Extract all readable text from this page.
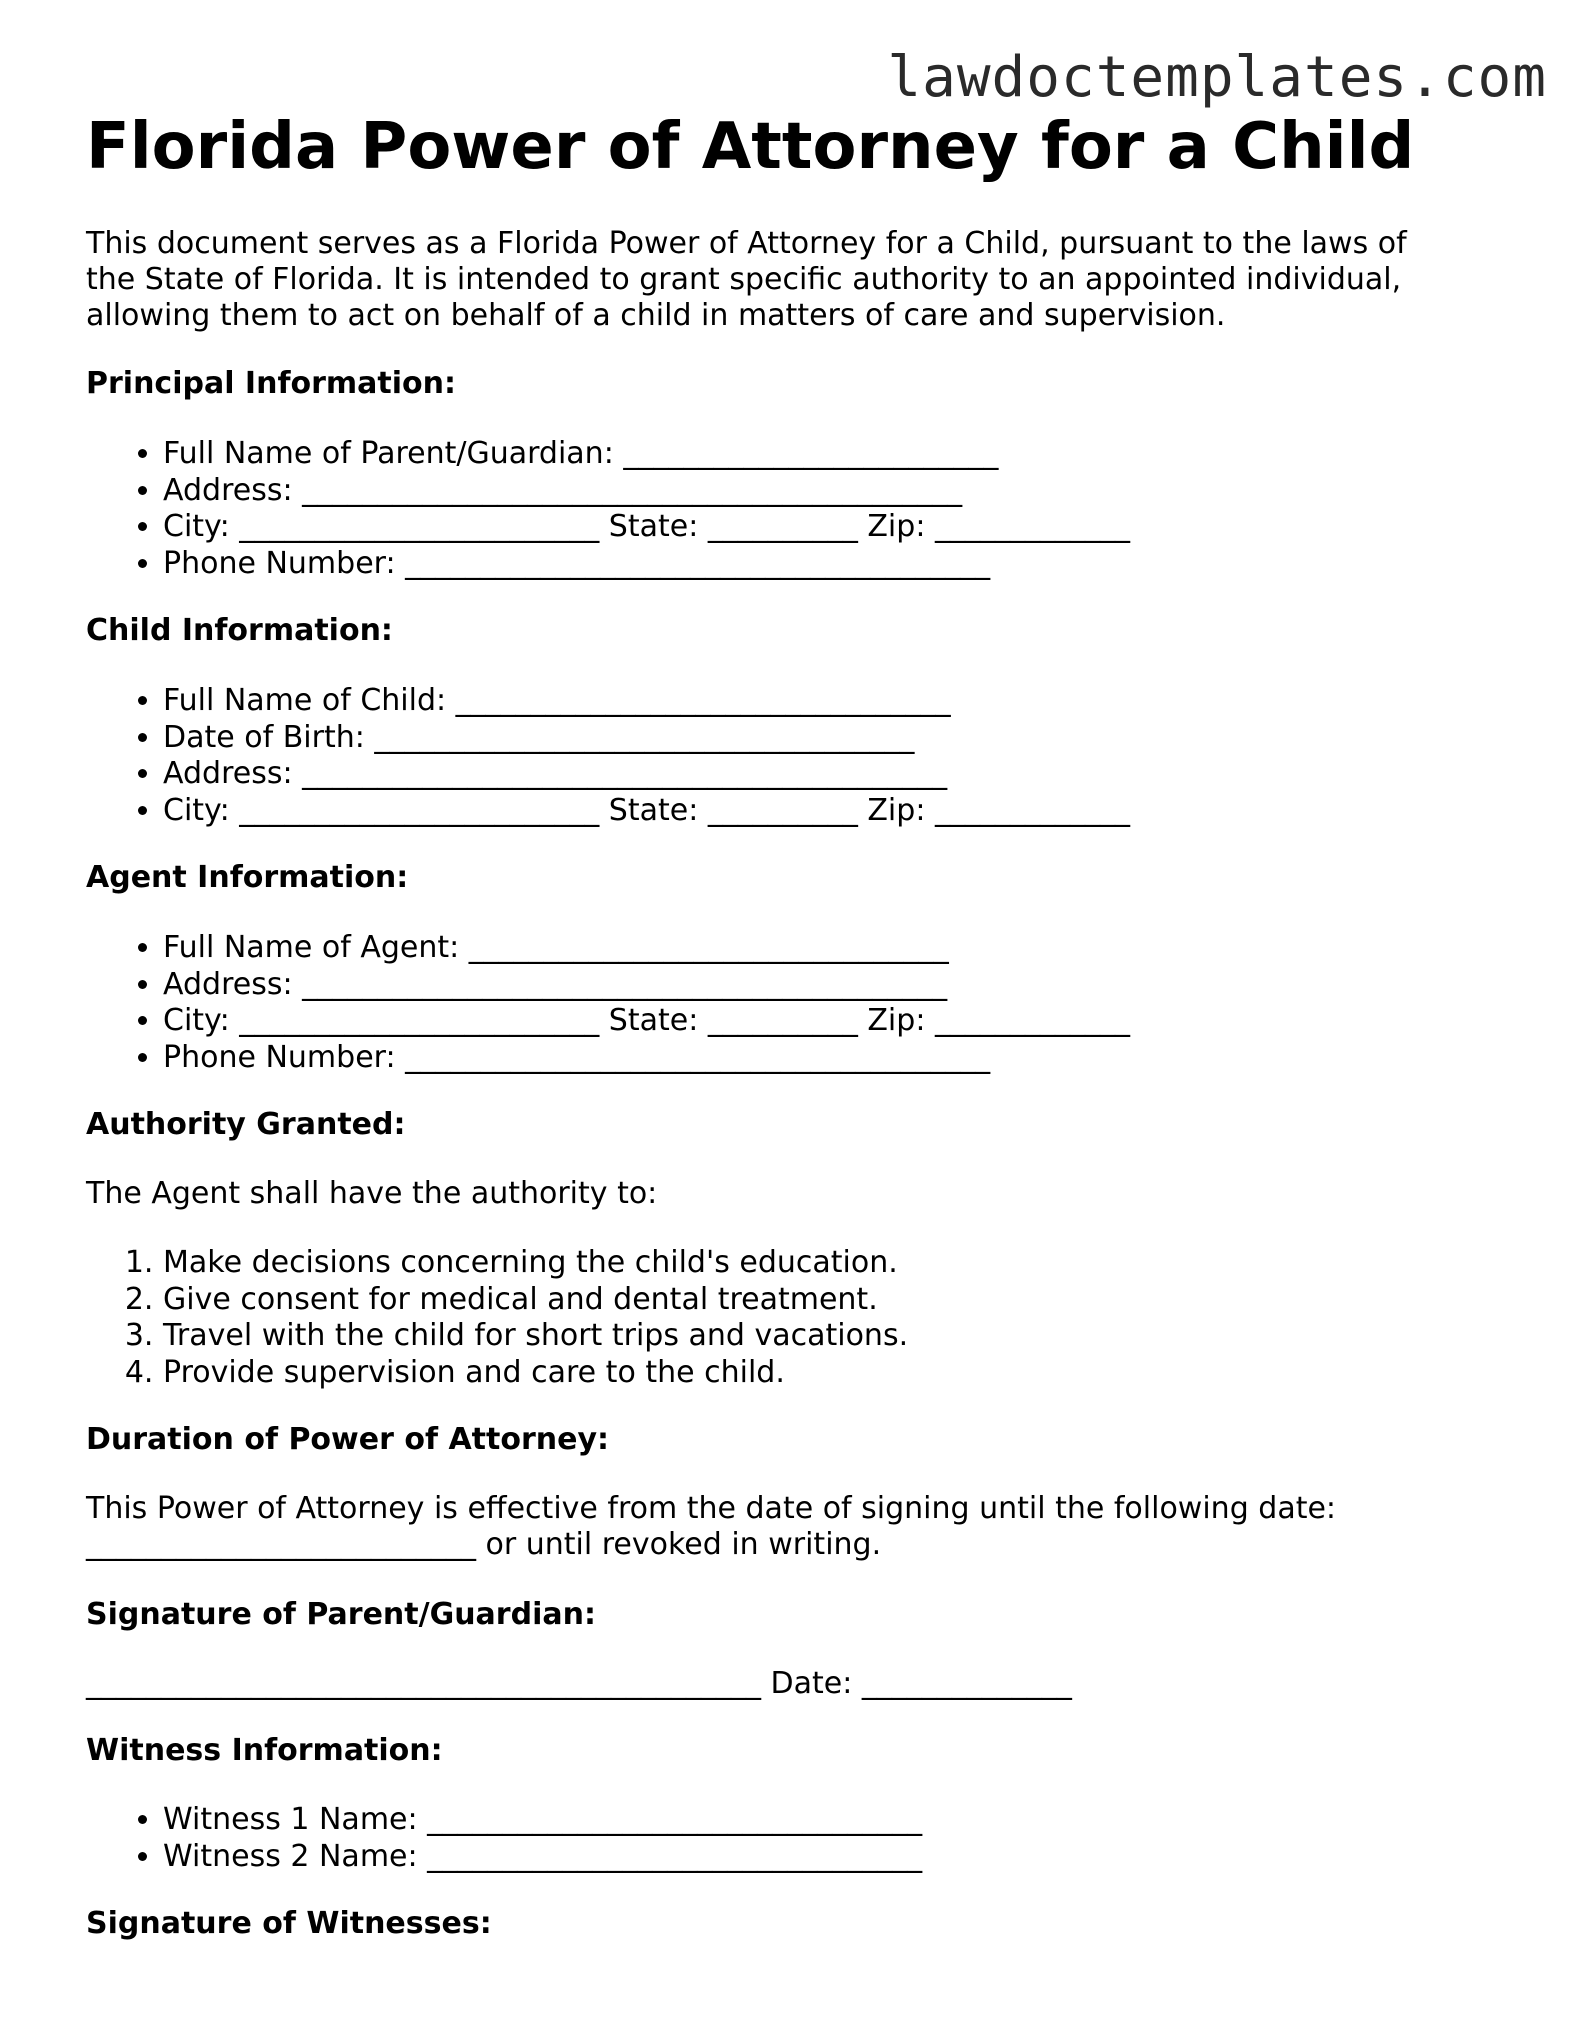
lawdoctemplates.com
Florida Power of Attorney for a Child
This document serves as a Florida Power of Attorney for a Child, pursuant to the laws of
the State of Florida. It is intended to grant specific authority to an appointed individual,
allowing them to act on behalf of a child in matters of care and supervision.
Principal Information:
• Full Name of Parent/Guardian: _________________________
• Address: ____________________________________________
• City: ________________________ State: __________ Zip: _____________
• Phone Number: _______________________________________
Child Information:
• Full Name of Child: _________________________________
• Date of Birth: ____________________________________
• Address: ___________________________________________
• City: ________________________ State: __________ Zip: _____________
Agent Information:
• Full Name of Agent: ________________________________
• Address: ___________________________________________
• City: ________________________ State: __________ Zip: _____________
• Phone Number: _______________________________________
Authority Granted:
The Agent shall have the authority to:
1. Make decisions concerning the child's education.
2. Give consent for medical and dental treatment.
3. Travel with the child for short trips and vacations.
4. Provide supervision and care to the child.
Duration of Power of Attorney:
This Power of Attorney is effective from the date of signing until the following date:
__________________________ or until revoked in writing.
Signature of Parent/Guardian:
_____________________________________________ Date: ______________
Witness Information:
• Witness 1 Name: _________________________________
• Witness 2 Name: _________________________________
Signature of Witnesses:
